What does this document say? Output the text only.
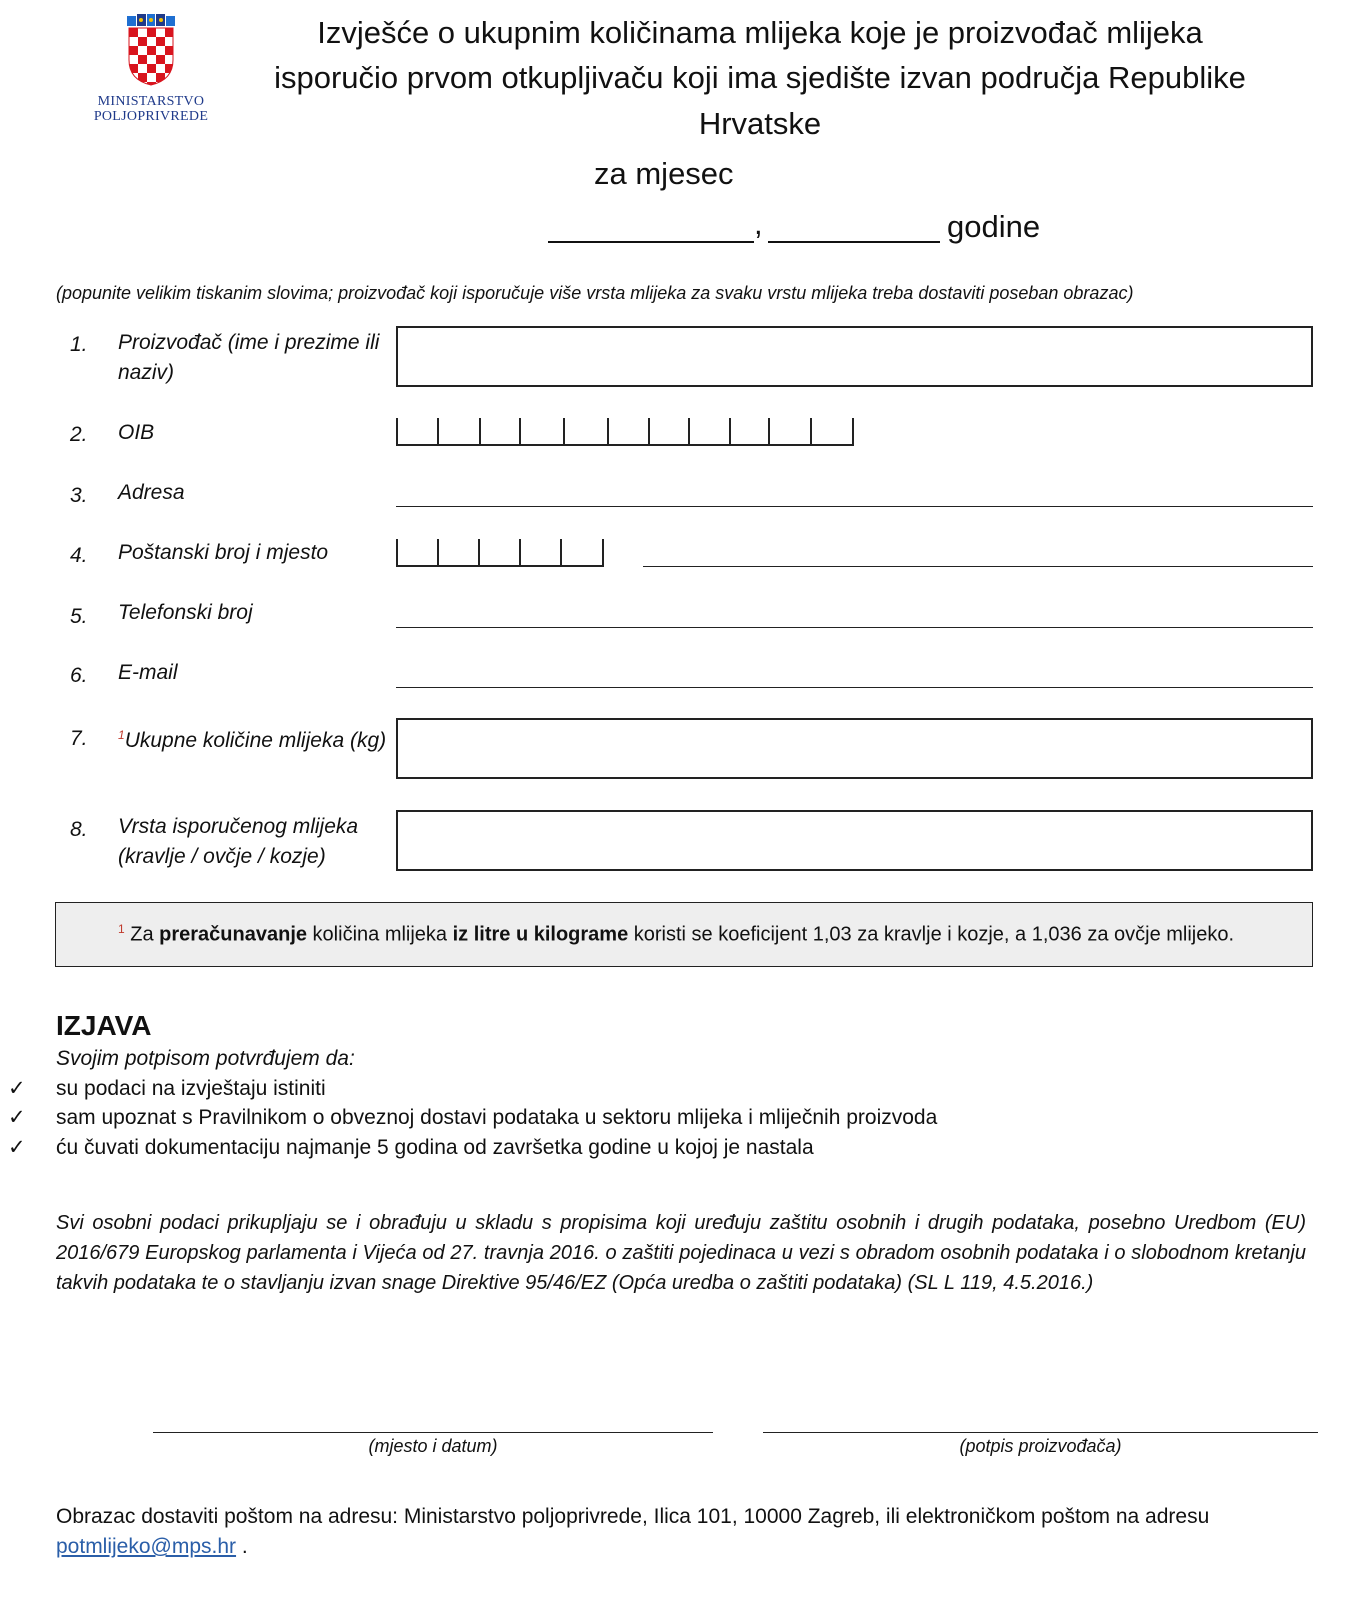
MINISTARSTVO
POLJOPRIVREDE
Izvješće o ukupnim količinama mlijeka koje je proizvođač mlijeka
isporučio prvom otkupljivaču koji ima sjedište izvan područja Republike
Hrvatske
za mjesec
,	godine
(popunite velikim tiskanim slovima; proizvođač koji isporučuje više vrsta mlijeka za svaku vrstu mlijeka treba dostaviti poseban obrazac)
1. Proizvođač (ime i prezime ili naziv)
2. OIB
3. Adresa
4. Poštanski broj i mjesto
5. Telefonski broj
6. E-mail
7.	$^1$Ukupne količine mlijeka (kg)
8. Vrsta isporučenog mlijeka (kravlje / ovčje / kozje)
$^1$ Za preračunavanje količina mlijeka iz litre u kilograme koristi se koeficijent 1,03 za kravlje i kozje, a 1,036 za ovčje mlijeko.
IZJAVA
Svojim potpisom potvrđujem da:
✓ su podaci na izvještaju istiniti
✓ sam upoznat s Pravilnikom o obveznoj dostavi podataka u sektoru mlijeka i mliječnih proizvoda
✓ ću čuvati dokumentaciju najmanje 5 godina od završetka godine u kojoj je nastala
Svi osobni podaci prikupljaju se i obrađuju u skladu s propisima koji uređuju zaštitu osobnih i drugih podataka, posebno Uredbom (EU) 2016/679 Europskog parlamenta i Vijeća od 27. travnja 2016. o zaštiti pojedinaca u vezi s obradom osobnih podataka i o slobodnom kretanju takvih podataka te o stavljanju izvan snage Direktive 95/46/EZ (Opća uredba o zaštiti podataka) (SL L 119, 4.5.2016.)
(mjesto i datum)	(potpis proizvođača)
Obrazac dostaviti poštom na adresu: Ministarstvo poljoprivrede, Ilica 101, 10000 Zagreb, ili elektroničkom poštom na adresu potmlijeko@mps.hr .
